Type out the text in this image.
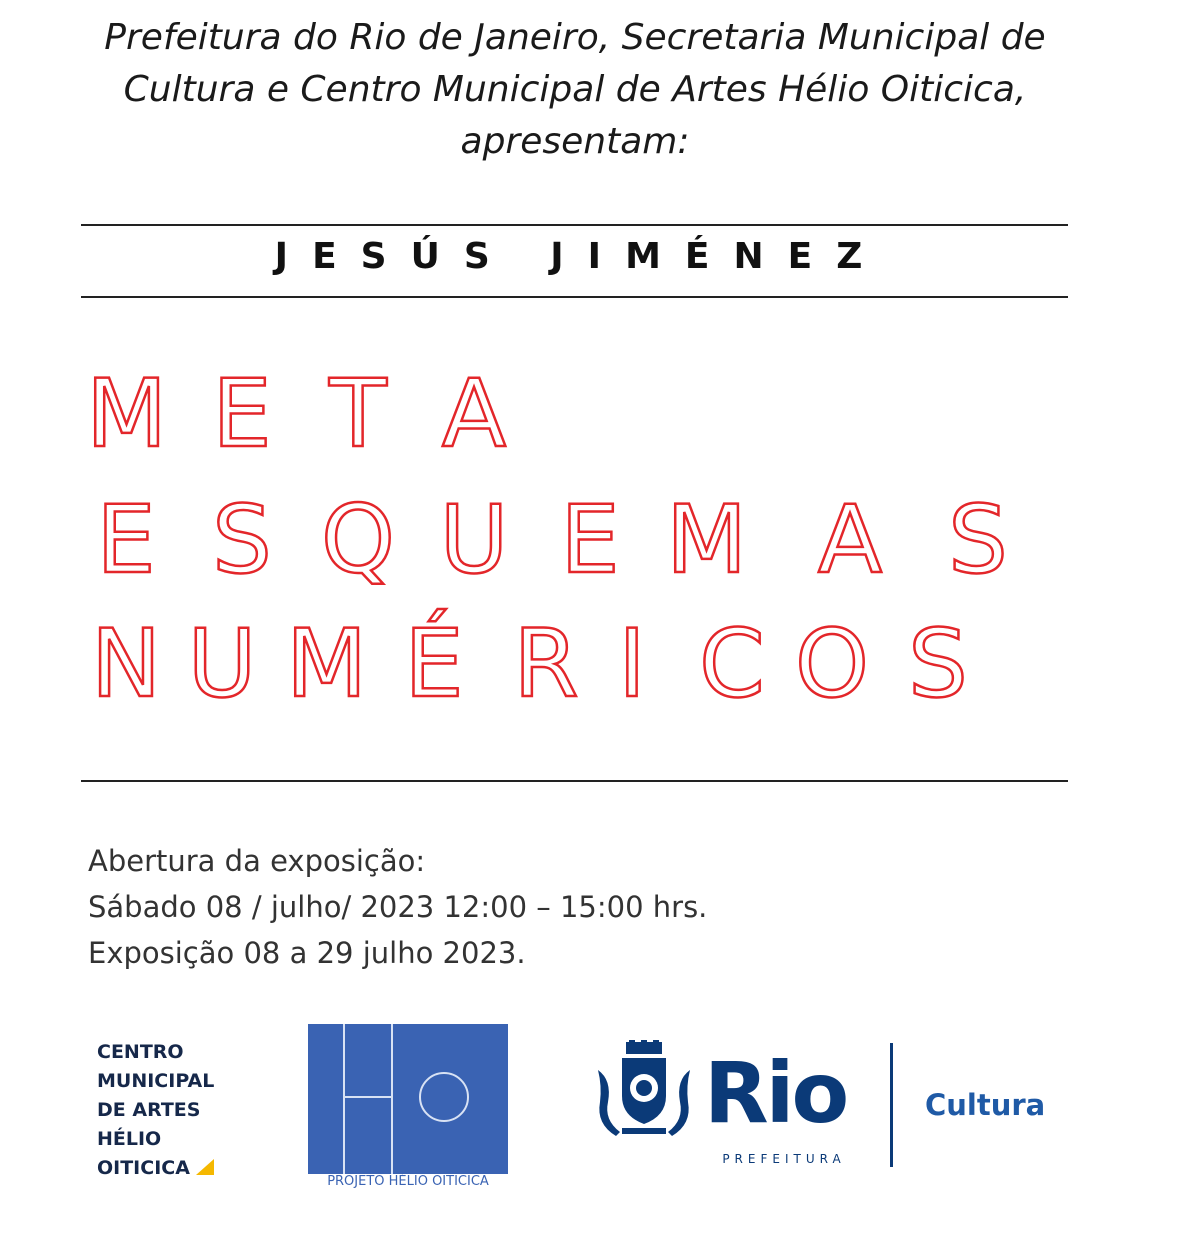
Prefeitura do Rio de Janeiro, Secretaria Municipal de
Cultura e Centro Municipal de Artes Hélio Oiticica,
apresentam:
JESÚS JIMÉNEZ
M E T A
E S Q U E M A S
N U M É R I C O S
Abertura da exposição:
Sábado 08 / julho/ 2023 12:00 – 15:00 hrs.
Exposição 08 a 29 julho 2023.
CENTRO
MUNICIPAL
DE ARTES
HÉLIO
OITICICA
PROJETO HÉLIO OITICICA
Rio
PREFEITURA
Cultura
